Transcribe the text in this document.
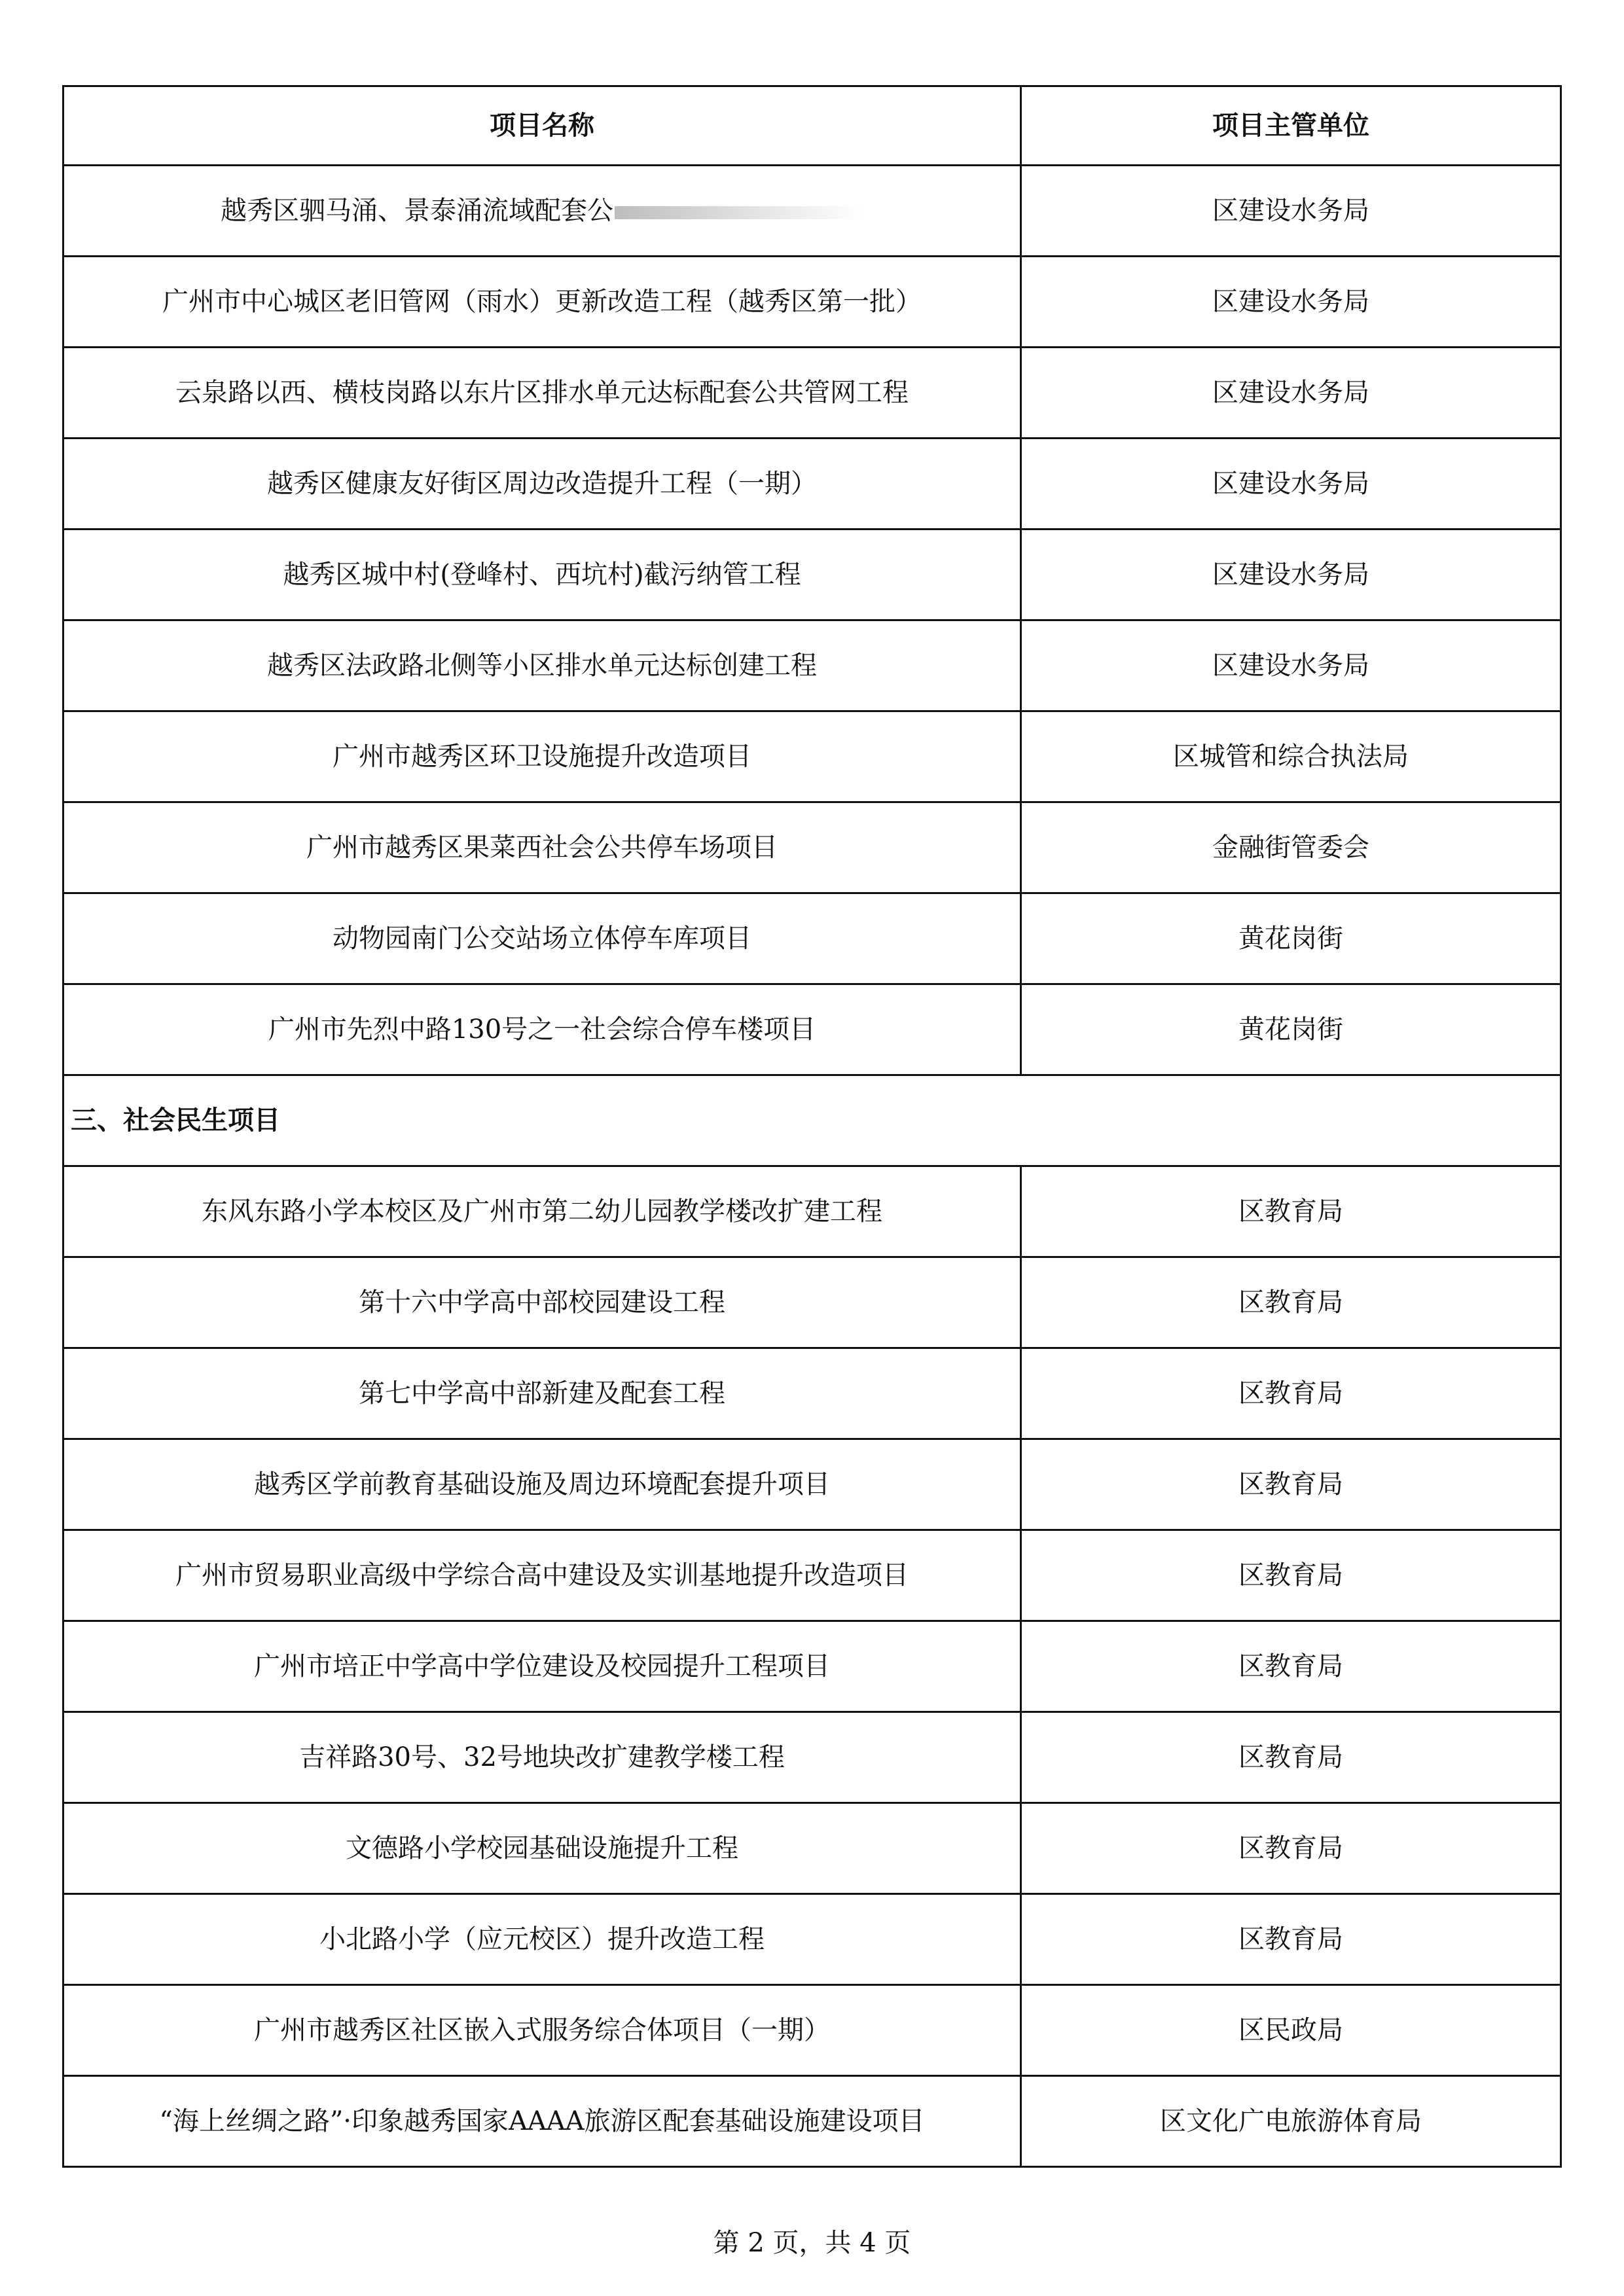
项目名称	项目主管单位
越秀区驷马涌、景泰涌流域配套公	区建设水务局
广州市中心城区老旧管网（雨水）更新改造工程（越秀区第一批）	区建设水务局
云泉路以西、横枝岗路以东片区排水单元达标配套公共管网工程	区建设水务局
越秀区健康友好街区周边改造提升工程（一期）	区建设水务局
越秀区城中村(登峰村、西坑村)截污纳管工程	区建设水务局
越秀区法政路北侧等小区排水单元达标创建工程	区建设水务局
广州市越秀区环卫设施提升改造项目	区城管和综合执法局
广州市越秀区果菜西社会公共停车场项目	金融街管委会
动物园南门公交站场立体停车库项目	黄花岗街
广州市先烈中路130号之一社会综合停车楼项目	黄花岗街
三、社会民生项目	
东风东路小学本校区及广州市第二幼儿园教学楼改扩建工程	区教育局
第十六中学高中部校园建设工程	区教育局
第七中学高中部新建及配套工程	区教育局
越秀区学前教育基础设施及周边环境配套提升项目	区教育局
广州市贸易职业高级中学综合高中建设及实训基地提升改造项目	区教育局
广州市培正中学高中学位建设及校园提升工程项目	区教育局
吉祥路30号、32号地块改扩建教学楼工程	区教育局
文德路小学校园基础设施提升工程	区教育局
小北路小学（应元校区）提升改造工程	区教育局
广州市越秀区社区嵌入式服务综合体项目（一期）	区民政局
“海上丝绸之路”·印象越秀国家AAAA旅游区配套基础设施建设项目	区文化广电旅游体育局
第 2 页，共 4 页
